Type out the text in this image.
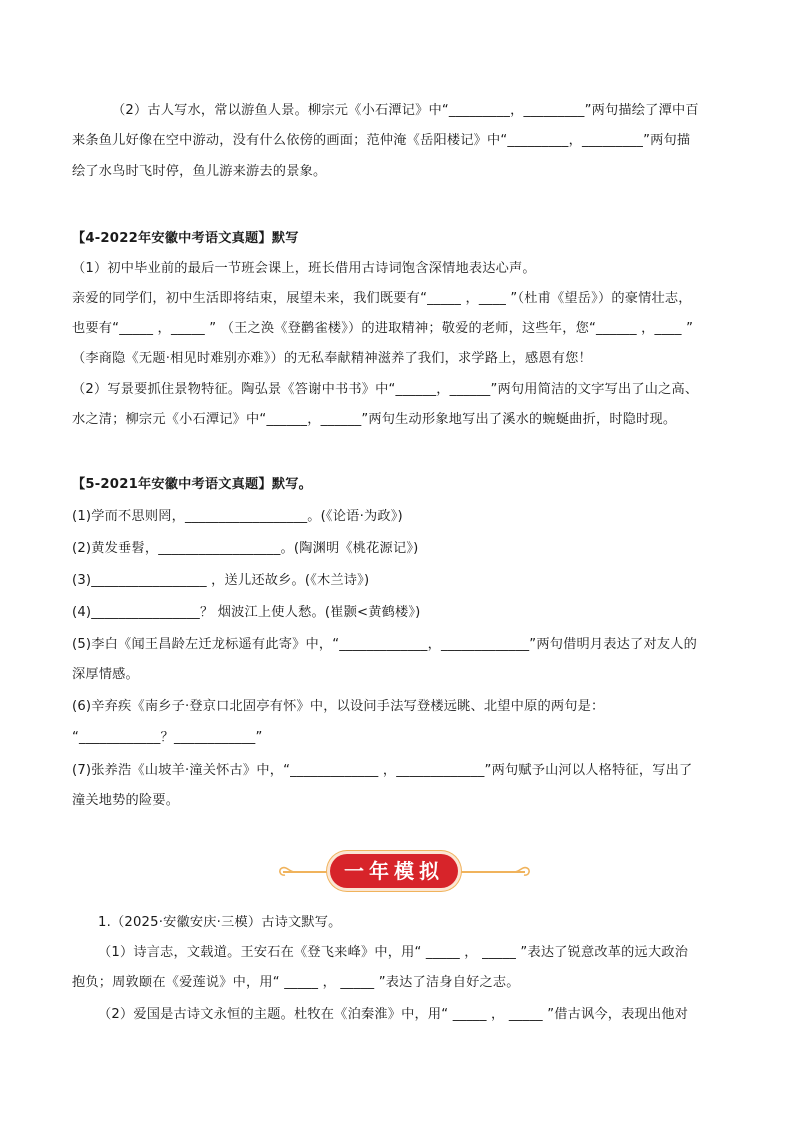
（2）古人写水，常以游鱼人景。柳宗元《小石潭记》中“_________，_________”两句描绘了潭中百
来条鱼儿好像在空中游动，没有什么依傍的画面；范仲淹《岳阳楼记》中“_________，_________”两句描
绘了水鸟时飞时停，鱼儿游来游去的景象。
【4-2022年安徽中考语文真题】默写
（1）初中毕业前的最后一节班会课上，班长借用古诗词饱含深情地表达心声。
亲爱的同学们，初中生活即将结束，展望未来，我们既要有“_____ ，____ ”（杜甫《望岳》）的豪情壮志，
也要有“_____ ，_____ ” （王之涣《登鹳雀楼》）的进取精神；敬爱的老师，这些年，您“______ ，____ ”
（李商隐《无题·相见时难别亦难》）的无私奉献精神滋养了我们，求学路上，感恩有您！
（2）写景要抓住景物特征。陶弘景《答谢中书书》中“______，______”两句用简洁的文字写出了山之高、
水之清；柳宗元《小石潭记》中“______，______”两句生动形象地写出了溪水的蜿蜒曲折，时隐时现。
【5-2021年安徽中考语文真题】默写。
(1)学而不思则罔，__________________。(《论语·为政》)
(2)黄发垂髫，__________________。(陶渊明《桃花源记》)
(3)_________________ ，送儿还故乡。(《木兰诗》)
(4)________________？ 烟波江上使人愁。(崔颢<黄鹤楼》)
(5)李白《闻王昌龄左迁龙标遥有此寄》中，“_____________，_____________”两句借明月表达了对友人的
深厚情感。
(6)辛弃疾《南乡子·登京口北固亭有怀》中，以设问手法写登楼远眺、北望中原的两句是：
“____________？____________”
(7)张养浩《山坡羊·潼关怀古》中，“_____________ ，_____________”两句赋予山河以人格特征，写出了
潼关地势的险要。
1.（2025·安徽安庆·三模）古诗文默写。
（1）诗言志，文载道。王安石在《登飞来峰》中，用“ _____ ， _____ ”表达了锐意改革的远大政治
抱负；周敦颐在《爱莲说》中，用“ _____ ， _____ ”表达了洁身自好之志。
（2）爱国是古诗文永恒的主题。杜牧在《泊秦淮》中，用“ _____ ， _____ ”借古讽今，表现出他对
一年模拟
